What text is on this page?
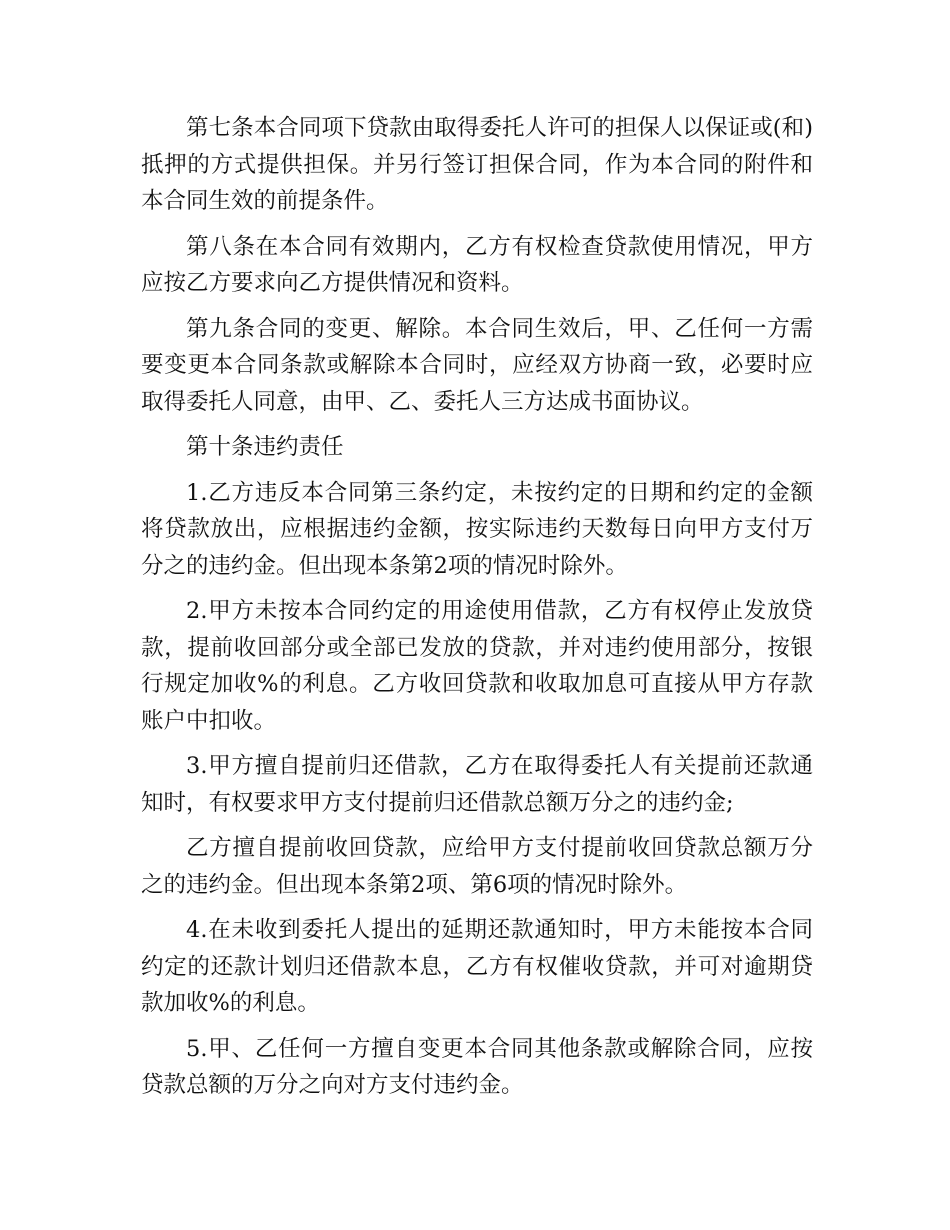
第七条本合同项下贷款由取得委托人许可的担保人以保证或(和)抵押的方式提供担保。并另行签订担保合同，作为本合同的附件和本合同生效的前提条件。

第八条在本合同有效期内，乙方有权检查贷款使用情况，甲方应按乙方要求向乙方提供情况和资料。

第九条合同的变更、解除。本合同生效后，甲、乙任何一方需要变更本合同条款或解除本合同时，应经双方协商一致，必要时应取得委托人同意，由甲、乙、委托人三方达成书面协议。

第十条违约责任

1.乙方违反本合同第三条约定，未按约定的日期和约定的金额将贷款放出，应根据违约金额，按实际违约天数每日向甲方支付万分之的违约金。但出现本条第2项的情况时除外。

2.甲方未按本合同约定的用途使用借款，乙方有权停止发放贷款，提前收回部分或全部已发放的贷款，并对违约使用部分，按银行规定加收%的利息。乙方收回贷款和收取加息可直接从甲方存款账户中扣收。

3.甲方擅自提前归还借款，乙方在取得委托人有关提前还款通知时，有权要求甲方支付提前归还借款总额万分之的违约金;

乙方擅自提前收回贷款，应给甲方支付提前收回贷款总额万分之的违约金。但出现本条第2项、第6项的情况时除外。

4.在未收到委托人提出的延期还款通知时，甲方未能按本合同约定的还款计划归还借款本息，乙方有权催收贷款，并可对逾期贷款加收%的利息。

5.甲、乙任何一方擅自变更本合同其他条款或解除合同，应按贷款总额的万分之向对方支付违约金。
